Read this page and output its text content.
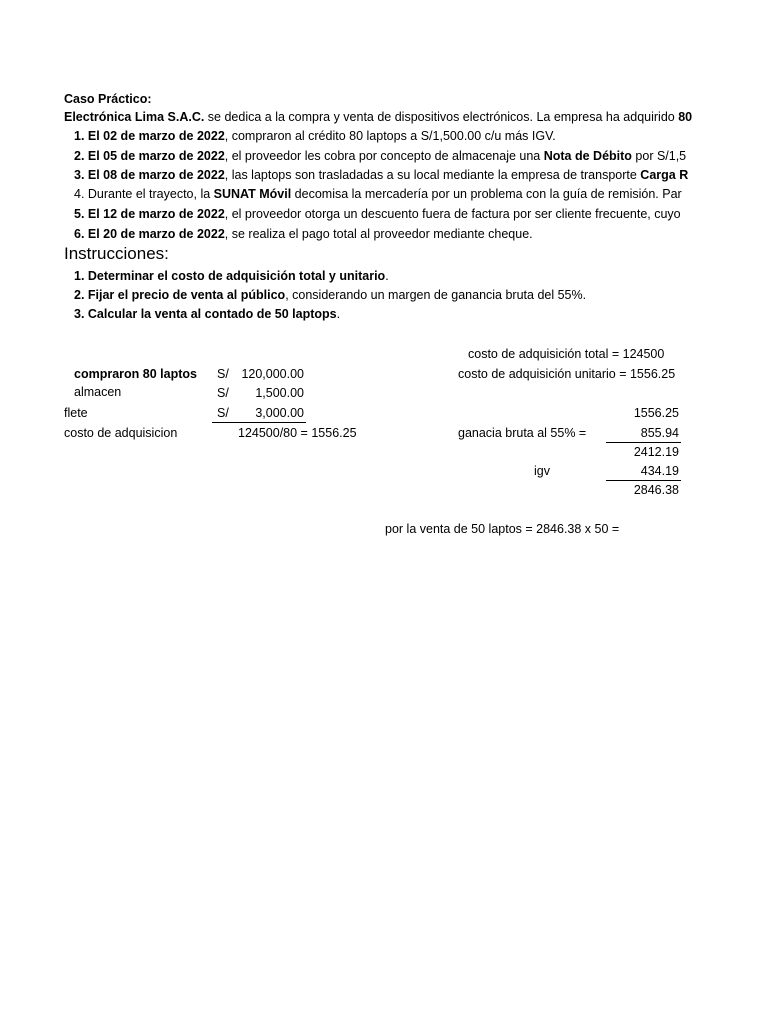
Caso Práctico:
Electrónica Lima S.A.C. se dedica a la compra y venta de dispositivos electrónicos. La empresa ha adquirido 80
1. El 02 de marzo de 2022, compraron al crédito 80 laptops a S/1,500.00 c/u más IGV.
2. El 05 de marzo de 2022, el proveedor les cobra por concepto de almacenaje una Nota de Débito por S/1,5
3. El 08 de marzo de 2022, las laptops son trasladadas a su local mediante la empresa de transporte Carga R
4. Durante el trayecto, la SUNAT Móvil decomisa la mercadería por un problema con la guía de remisión. Par
5. El 12 de marzo de 2022, el proveedor otorga un descuento fuera de factura por ser cliente frecuente, cuyo
6. El 20 de marzo de 2022, se realiza el pago total al proveedor mediante cheque.
Instrucciones:
1. Determinar el costo de adquisición total y unitario.
2. Fijar el precio de venta al público, considerando un margen de ganancia bruta del 55%.
3. Calcular la venta al contado de 50 laptops.
compraron 80 laptos S/	120,000.00
almacen	S/	1,500.00
flete	S/	3,000.00
costo de adquisicion	124500/80 = 1556.25
costo de adquisición total = 124500
costo de adquisición unitario = 1556.25
1556.25
ganacia bruta al 55% =	855.94
2412.19
igv	434.19
2846.38
por la venta de 50 laptos = 2846.38 x 50 =
